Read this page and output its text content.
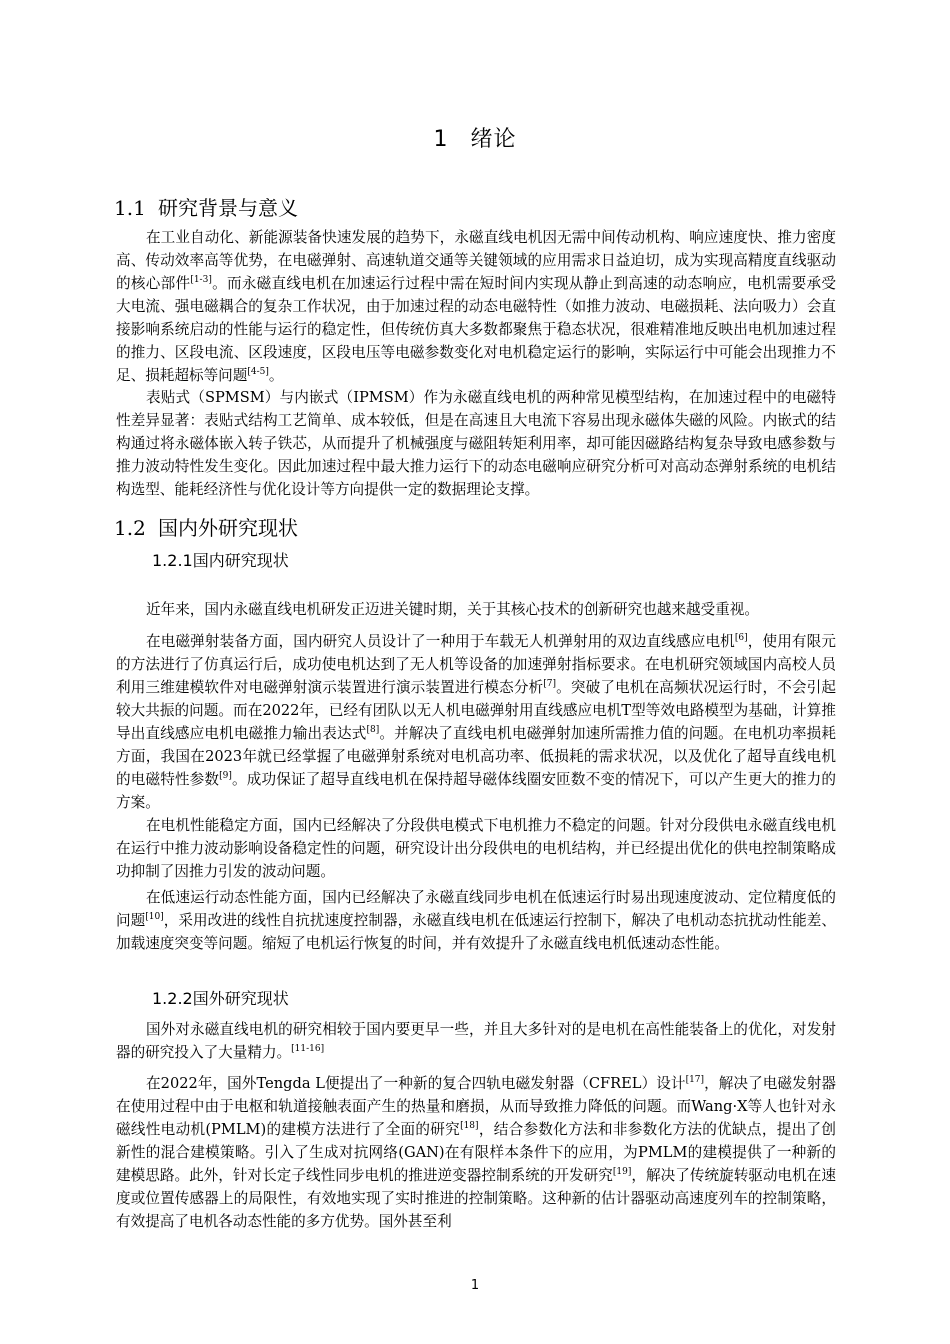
1 绪论
1.1 研究背景与意义

在工业自动化、新能源装备快速发展的趋势下，永磁直线电机因无需中间传动机构、响应速度快、推力密度高、传动效率高等优势，在电磁弹射、高速轨道交通等关键领域的应用需求日益迫切，成为实现高精度直线驱动的核心部件[1-3]。而永磁直线电机在加速运行过程中需在短时间内实现从静止到高速的动态响应，电机需要承受大电流、强电磁耦合的复杂工作状况，由于加速过程的动态电磁特性（如推力波动、电磁损耗、法向吸力）会直接影响系统启动的性能与运行的稳定性，但传统仿真大多数都聚焦于稳态状况，很难精准地反映出电机加速过程的推力、区段电流、区段速度，区段电压等电磁参数变化对电机稳定运行的影响，实际运行中可能会出现推力不足、损耗超标等问题[4-5]。

表贴式（SPMSM）与内嵌式（IPMSM）作为永磁直线电机的两种常见模型结构，在加速过程中的电磁特性差异显著：表贴式结构工艺简单、成本较低，但是在高速且大电流下容易出现永磁体失磁的风险。内嵌式的结构通过将永磁体嵌入转子铁芯，从而提升了机械强度与磁阻转矩利用率，却可能因磁路结构复杂导致电感参数与推力波动特性发生变化。因此加速过程中最大推力运行下的动态电磁响应研究分析可对高动态弹射系统的电机结构选型、能耗经济性与优化设计等方向提供一定的数据理论支撑。

1.2 国内外研究现状
1.2.1国内研究现状

近年来，国内永磁直线电机研发正迈进关键时期，关于其核心技术的创新研究也越来越受重视。

在电磁弹射装备方面，国内研究人员设计了一种用于车载无人机弹射用的双边直线感应电机[6]，使用有限元的方法进行了仿真运行后，成功使电机达到了无人机等设备的加速弹射指标要求。在电机研究领域国内高校人员利用三维建模软件对电磁弹射演示装置进行演示装置进行模态分析[7]。突破了电机在高频状况运行时，不会引起较大共振的问题。而在2022年，已经有团队以无人机电磁弹射用直线感应电机T型等效电路模型为基础，计算推导出直线感应电机电磁推力输出表达式[8]。并解决了直线电机电磁弹射加速所需推力值的问题。在电机功率损耗方面，我国在2023年就已经掌握了电磁弹射系统对电机高功率、低损耗的需求状况，以及优化了超导直线电机的电磁特性参数[9]。成功保证了超导直线电机在保持超导磁体线圈安匝数不变的情况下，可以产生更大的推力的方案。

在电机性能稳定方面，国内已经解决了分段供电模式下电机推力不稳定的问题。针对分段供电永磁直线电机在运行中推力波动影响设备稳定性的问题，研究设计出分段供电的电机结构，并已经提出优化的供电控制策略成功抑制了因推力引发的波动问题。

在低速运行动态性能方面，国内已经解决了永磁直线同步电机在低速运行时易出现速度波动、定位精度低的问题[10]，采用改进的线性自抗扰速度控制器，永磁直线电机在低速运行控制下，解决了电机动态抗扰动性能差、加载速度突变等问题。缩短了电机运行恢复的时间，并有效提升了永磁直线电机低速动态性能。

1.2.2国外研究现状

国外对永磁直线电机的研究相较于国内要更早一些，并且大多针对的是电机在高性能装备上的优化，对发射器的研究投入了大量精力。[11-16]

在2022年，国外Tengda L便提出了一种新的复合四轨电磁发射器（CFREL）设计[17]，解决了电磁发射器在使用过程中由于电枢和轨道接触表面产生的热量和磨损，从而导致推力降低的问题。而Wang·X等人也针对永磁线性电动机(PMLM)的建模方法进行了全面的研究[18]，结合参数化方法和非参数化方法的优缺点，提出了创新性的混合建模策略。引入了生成对抗网络(GAN)在有限样本条件下的应用，为PMLM的建模提供了一种新的建模思路。此外，针对长定子线性同步电机的推进逆变器控制系统的开发研究[19]，解决了传统旋转驱动电机在速度或位置传感器上的局限性，有效地实现了实时推进的控制策略。这种新的估计器驱动高速度列车的控制策略，有效提高了电机各动态性能的多方优势。国外甚至利

1
